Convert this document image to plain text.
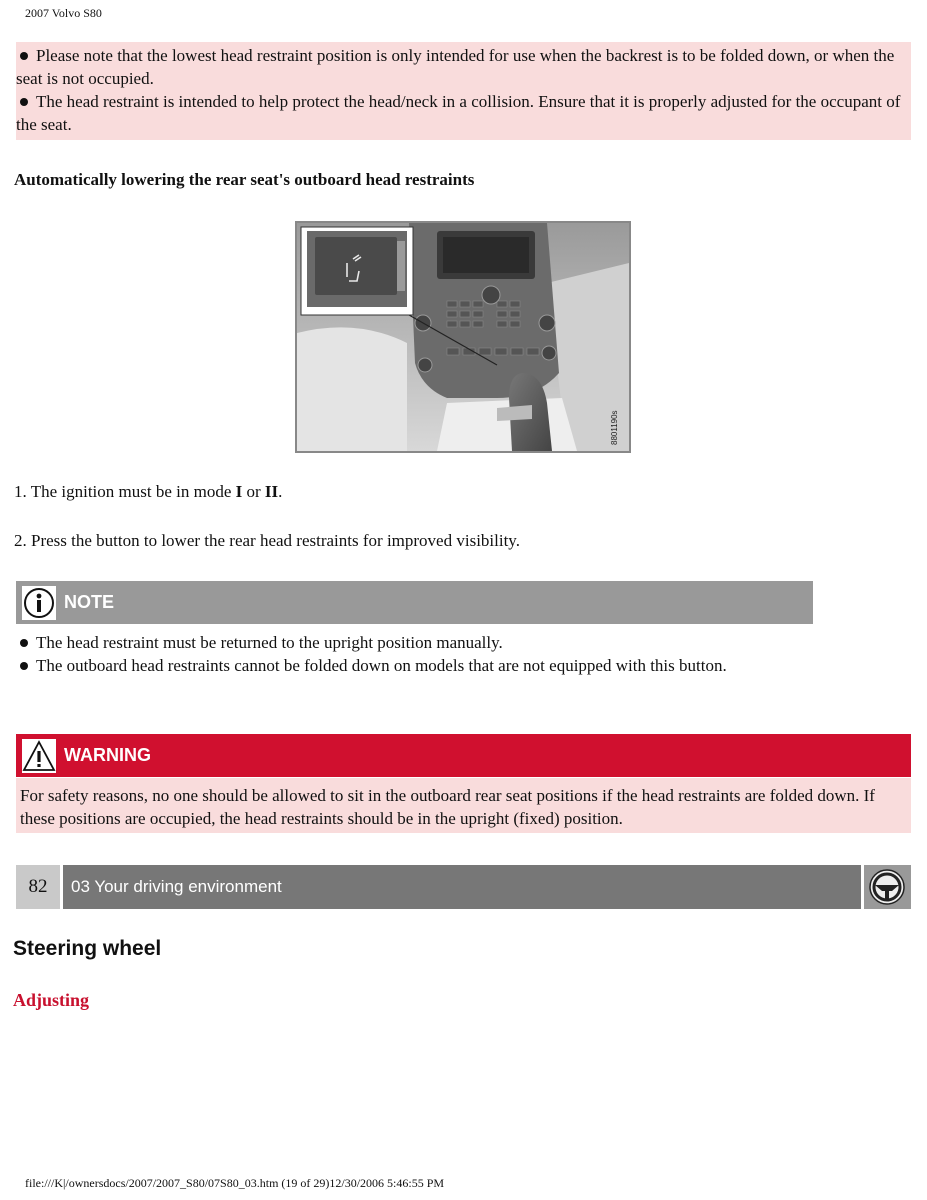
2007 Volvo S80
Please note that the lowest head restraint position is only intended for use when the backrest is to be folded down, or when the seat is not occupied.
The head restraint is intended to help protect the head/neck in a collision. Ensure that it is properly adjusted for the occupant of the seat.
Automatically lowering the rear seat's outboard head restraints
8801190s
1. The ignition must be in mode I or II.
2. Press the button to lower the rear head restraints for improved visibility.
NOTE
The head restraint must be returned to the upright position manually.
The outboard head restraints cannot be folded down on models that are not equipped with this button.
WARNING
For safety reasons, no one should be allowed to sit in the outboard rear seat positions if the head restraints are folded down. If these positions are occupied, the head restraints should be in the upright (fixed) position.
82	03 Your driving environment
Steering wheel
Adjusting
file:///K|/ownersdocs/2007/2007_S80/07S80_03.htm (19 of 29)12/30/2006 5:46:55 PM
